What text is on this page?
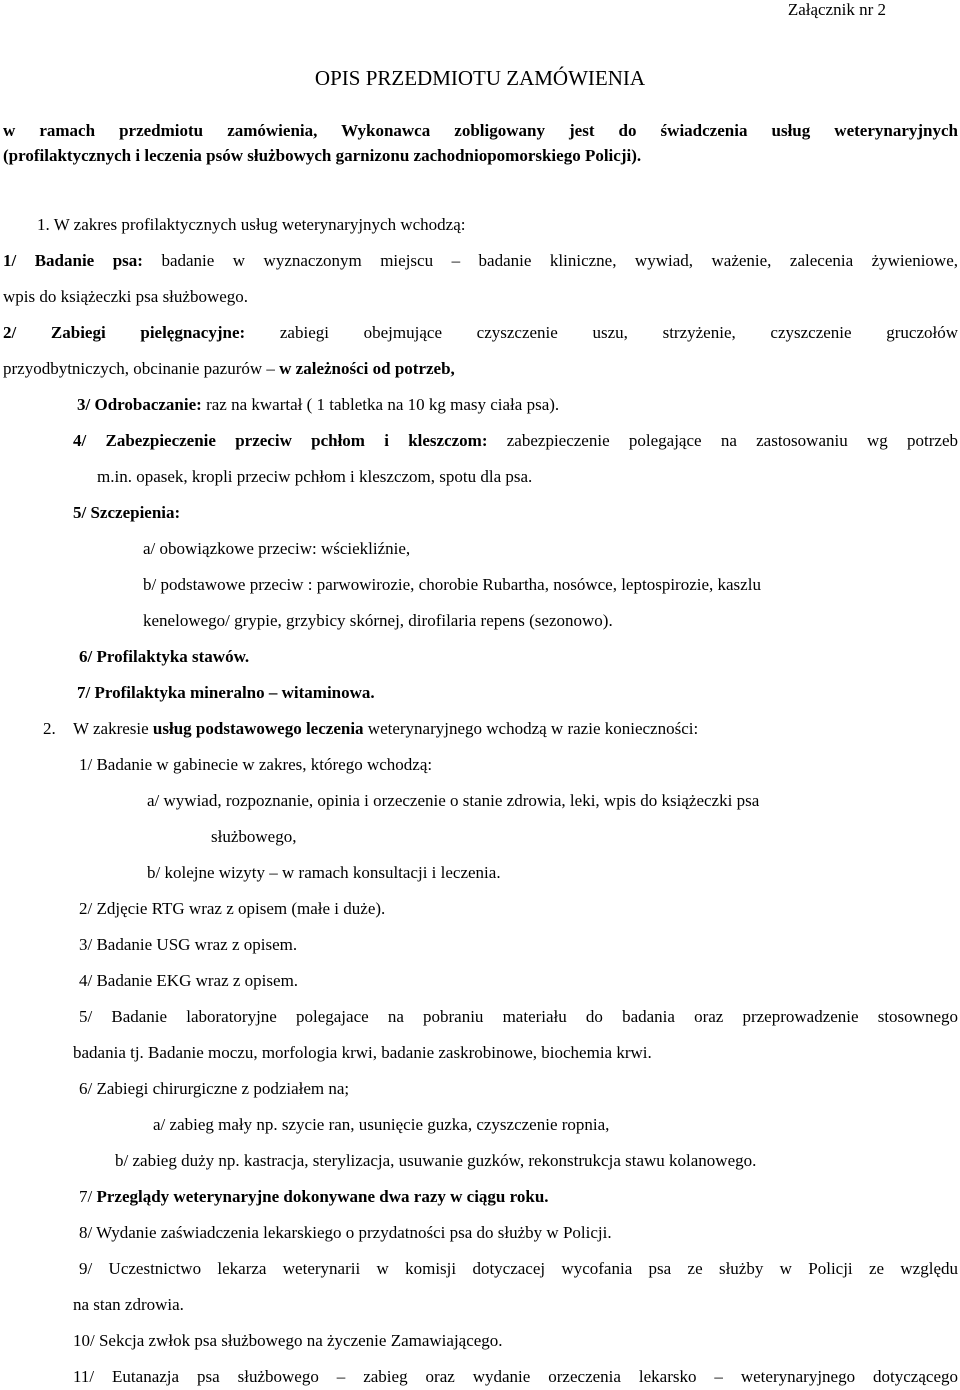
Załącznik nr 2
OPIS PRZEDMIOTU ZAMÓWIENIA
w ramach przedmiotu zamówienia, Wykonawca zobligowany jest do świadczenia usług weterynaryjnych
(profilaktycznych i leczenia psów służbowych garnizonu zachodniopomorskiego Policji).
1. W zakres profilaktycznych usług weterynaryjnych wchodzą:
1/ Badanie psa: badanie w wyznaczonym miejscu – badanie kliniczne, wywiad, ważenie, zalecenia żywieniowe,
wpis do książeczki psa służbowego.
2/ Zabiegi pielęgnacyjne: zabiegi obejmujące czyszczenie uszu, strzyżenie, czyszczenie gruczołów
przyodbytniczych, obcinanie pazurów – w zależności od potrzeb,
3/ Odrobaczanie: raz na kwartał ( 1 tabletka na 10 kg masy ciała psa).
4/ Zabezpieczenie przeciw pchłom i kleszczom: zabezpieczenie polegające na zastosowaniu wg potrzeb
m.in. opasek, kropli przeciw pchłom i kleszczom, spotu dla psa.
5/ Szczepienia:
a/ obowiązkowe przeciw: wściekliźnie,
b/ podstawowe przeciw : parwowirozie, chorobie Rubartha, nosówce, leptospirozie, kaszlu
kenelowego/ grypie, grzybicy skórnej, dirofilaria repens (sezonowo).
6/ Profilaktyka stawów.
7/ Profilaktyka mineralno – witaminowa.
2. W zakresie usług podstawowego leczenia weterynaryjnego wchodzą w razie konieczności:
1/ Badanie w gabinecie w zakres, którego wchodzą:
a/ wywiad, rozpoznanie, opinia i orzeczenie o stanie zdrowia, leki, wpis do książeczki psa
służbowego,
b/ kolejne wizyty – w ramach konsultacji i leczenia.
2/ Zdjęcie RTG wraz z opisem (małe i duże).
3/ Badanie USG wraz z opisem.
4/ Badanie EKG wraz z opisem.
5/ Badanie laboratoryjne polegajace na pobraniu materiału do badania oraz przeprowadzenie stosownego
badania tj. Badanie moczu, morfologia krwi, badanie zaskrobinowe, biochemia krwi.
6/ Zabiegi chirurgiczne z podziałem na;
a/ zabieg mały np. szycie ran, usunięcie guzka, czyszczenie ropnia,
b/ zabieg duży np. kastracja, sterylizacja, usuwanie guzków, rekonstrukcja stawu kolanowego.
7/ Przeglądy weterynaryjne dokonywane dwa razy w ciągu roku.
8/ Wydanie zaświadczenia lekarskiego o przydatności psa do służby w Policji.
9/ Uczestnictwo lekarza weterynarii w komisji dotyczacej wycofania psa ze służby w Policji ze względu
na stan zdrowia.
10/ Sekcja zwłok psa służbowego na życzenie Zamawiającego.
11/ Eutanazja psa służbowego – zabieg oraz wydanie orzeczenia lekarsko – weterynaryjnego dotyczącego
